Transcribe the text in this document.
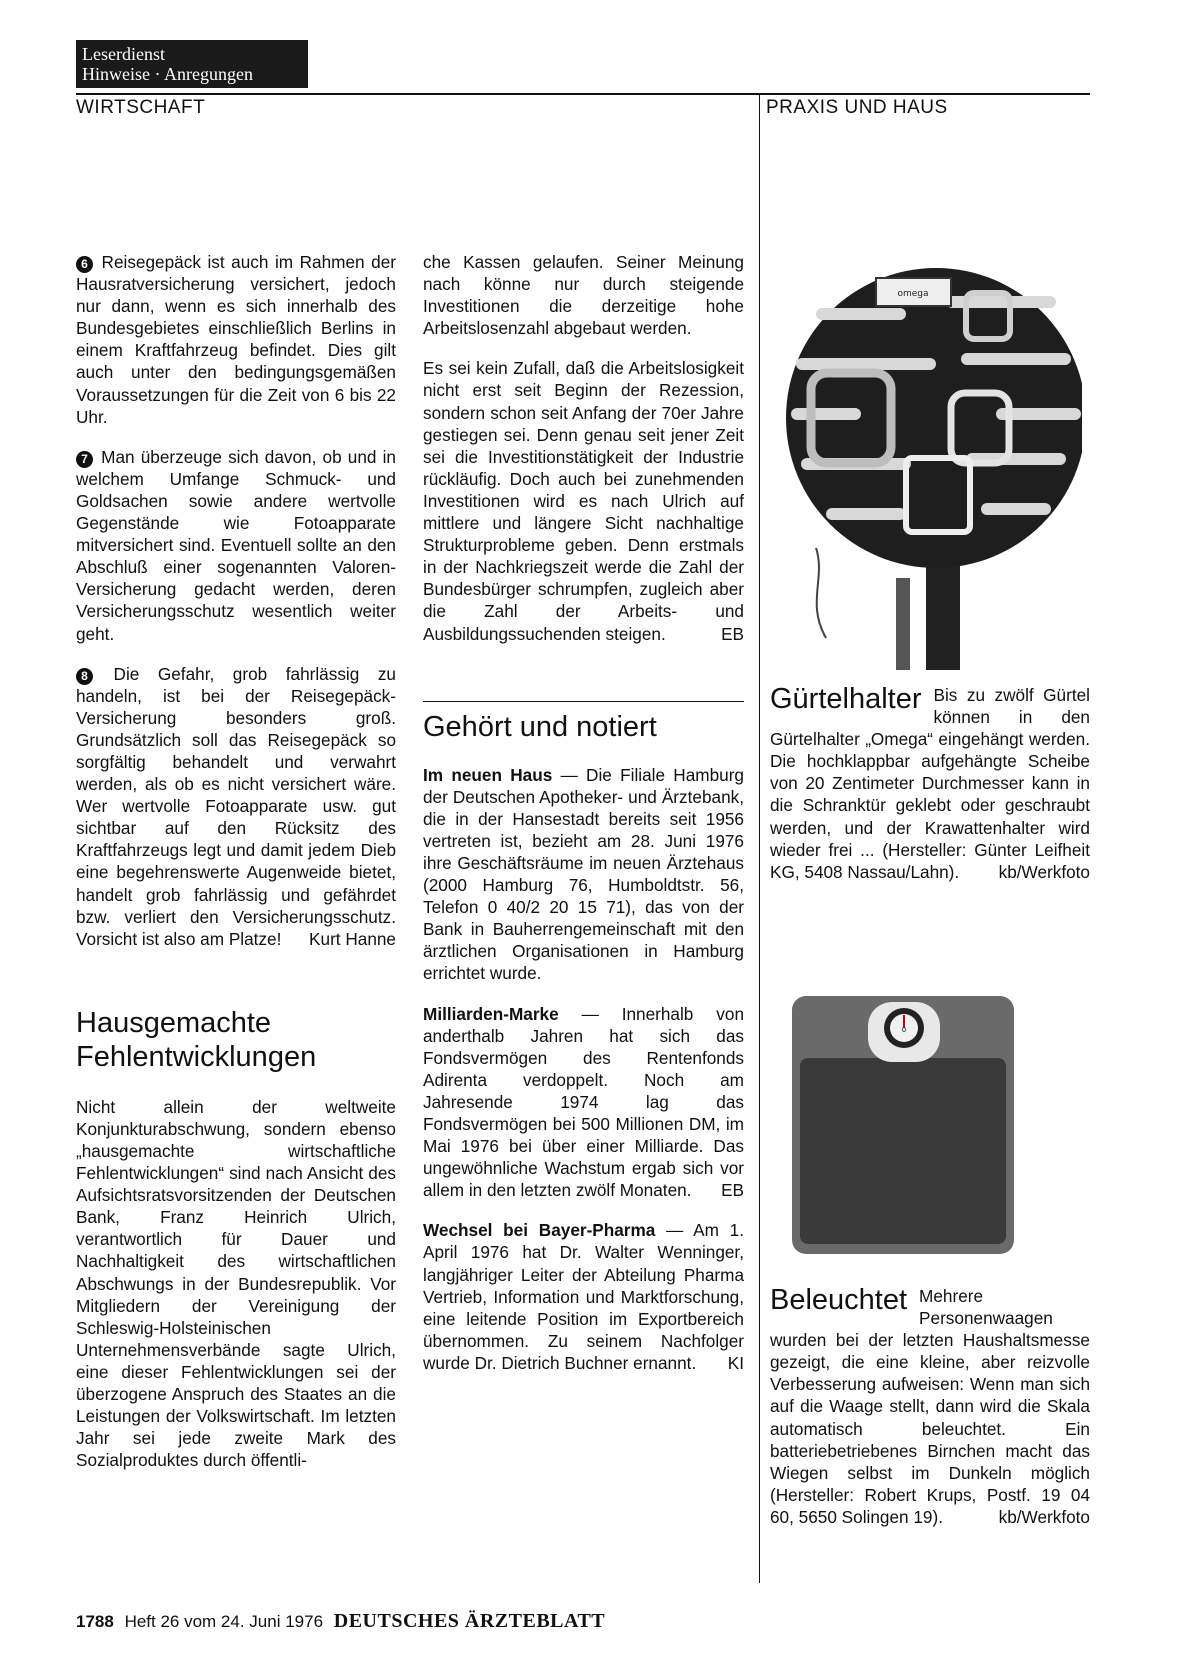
Leserdienst
Hinweise · Anregungen
WIRTSCHAFT	PRAXIS UND HAUS

6 Reisegepäck ist auch im Rahmen der Hausratversicherung versichert, jedoch nur dann, wenn es sich innerhalb des Bundesgebietes einschließlich Berlins in einem Kraftfahrzeug befindet. Dies gilt auch unter den bedingungsgemäßen Voraussetzungen für die Zeit von 6 bis 22 Uhr.

7 Man überzeuge sich davon, ob und in welchem Umfange Schmuck- und Goldsachen sowie andere wertvolle Gegenstände wie Fotoapparate mitversichert sind. Eventuell sollte an den Abschluß einer sogenannten Valoren-Versicherung gedacht werden, deren Versicherungsschutz wesentlich weiter geht.

8 Die Gefahr, grob fahrlässig zu handeln, ist bei der Reisegepäck-Versicherung besonders groß. Grundsätzlich soll das Reisegepäck so sorgfältig behandelt und verwahrt werden, als ob es nicht versichert wäre. Wer wertvolle Fotoapparate usw. gut sichtbar auf den Rücksitz des Kraftfahrzeugs legt und damit jedem Dieb eine begehrenswerte Augenweide bietet, handelt grob fahrlässig und gefährdet bzw. verliert den Versicherungsschutz. Vorsicht ist also am Platze! Kurt Hanne

Hausgemachte Fehlentwicklungen

Nicht allein der weltweite Konjunkturabschwung, sondern ebenso „hausgemachte wirtschaftliche Fehlentwicklungen“ sind nach Ansicht des Aufsichtsratsvorsitzenden der Deutschen Bank, Franz Heinrich Ulrich, verantwortlich für Dauer und Nachhaltigkeit des wirtschaftlichen Abschwungs in der Bundesrepublik. Vor Mitgliedern der Vereinigung der Schleswig-Holsteinischen Unternehmensverbände sagte Ulrich, eine dieser Fehlentwicklungen sei der überzogene Anspruch des Staates an die Leistungen der Volkswirtschaft. Im letzten Jahr sei jede zweite Mark des Sozialproduktes durch öffentli-

che Kassen gelaufen. Seiner Meinung nach könne nur durch steigende Investitionen die derzeitige hohe Arbeitslosenzahl abgebaut werden.

Es sei kein Zufall, daß die Arbeitslosigkeit nicht erst seit Beginn der Rezession, sondern schon seit Anfang der 70er Jahre gestiegen sei. Denn genau seit jener Zeit sei die Investitionstätigkeit der Industrie rückläufig. Doch auch bei zunehmenden Investitionen wird es nach Ulrich auf mittlere und längere Sicht nachhaltige Strukturprobleme geben. Denn erstmals in der Nachkriegszeit werde die Zahl der Bundesbürger schrumpfen, zugleich aber die Zahl der Arbeits- und Ausbildungssuchenden steigen.	EB

Gehört und notiert

Im neuen Haus — Die Filiale Hamburg der Deutschen Apotheker- und Ärztebank, die in der Hansestadt bereits seit 1956 vertreten ist, bezieht am 28. Juni 1976 ihre Geschäftsräume im neuen Ärztehaus (2000 Hamburg 76, Humboldtstr. 56, Telefon 0 40/2 20 15 71), das von der Bank in Bauherrengemeinschaft mit den ärztlichen Organisationen in Hamburg errichtet wurde.

Milliarden-Marke — Innerhalb von anderthalb Jahren hat sich das Fondsvermögen des Rentenfonds Adirenta verdoppelt. Noch am Jahresende 1974 lag das Fondsvermögen bei 500 Millionen DM, im Mai 1976 bei über einer Milliarde. Das ungewöhnliche Wachstum ergab sich vor allem in den letzten zwölf Monaten. EB

Wechsel bei Bayer-Pharma — Am 1. April 1976 hat Dr. Walter Wenninger, langjähriger Leiter der Abteilung Pharma Vertrieb, Information und Marktforschung, eine leitende Position im Exportbereich übernommen. Zu seinem Nachfolger wurde Dr. Dietrich Buchner ernannt. KI

omega
0
Gürtelhalter Bis zu zwölf Gürtel können in den Gürtelhalter „Omega“ eingehängt werden. Die hochklappbar aufgehängte Scheibe von 20 Zentimeter Durchmesser kann in die Schranktür geklebt oder geschraubt werden, und der Krawattenhalter wird wieder frei ... (Hersteller: Günter Leifheit KG, 5408 Nassau/Lahn). kb/Werkfoto
Beleuchtet Mehrere Personenwaagen wurden bei der letzten Haushaltsmesse gezeigt, die eine kleine, aber reizvolle Verbesserung aufweisen: Wenn man sich auf die Waage stellt, dann wird die Skala automatisch beleuchtet. Ein batteriebetriebenes Birnchen macht das Wiegen selbst im Dunkeln möglich (Hersteller: Robert Krups, Postf. 19 04 60, 5650 Solingen 19).	kb/Werkfoto
1788 Heft 26 vom 24. Juni 1976 DEUTSCHES ÄRZTEBLATT
